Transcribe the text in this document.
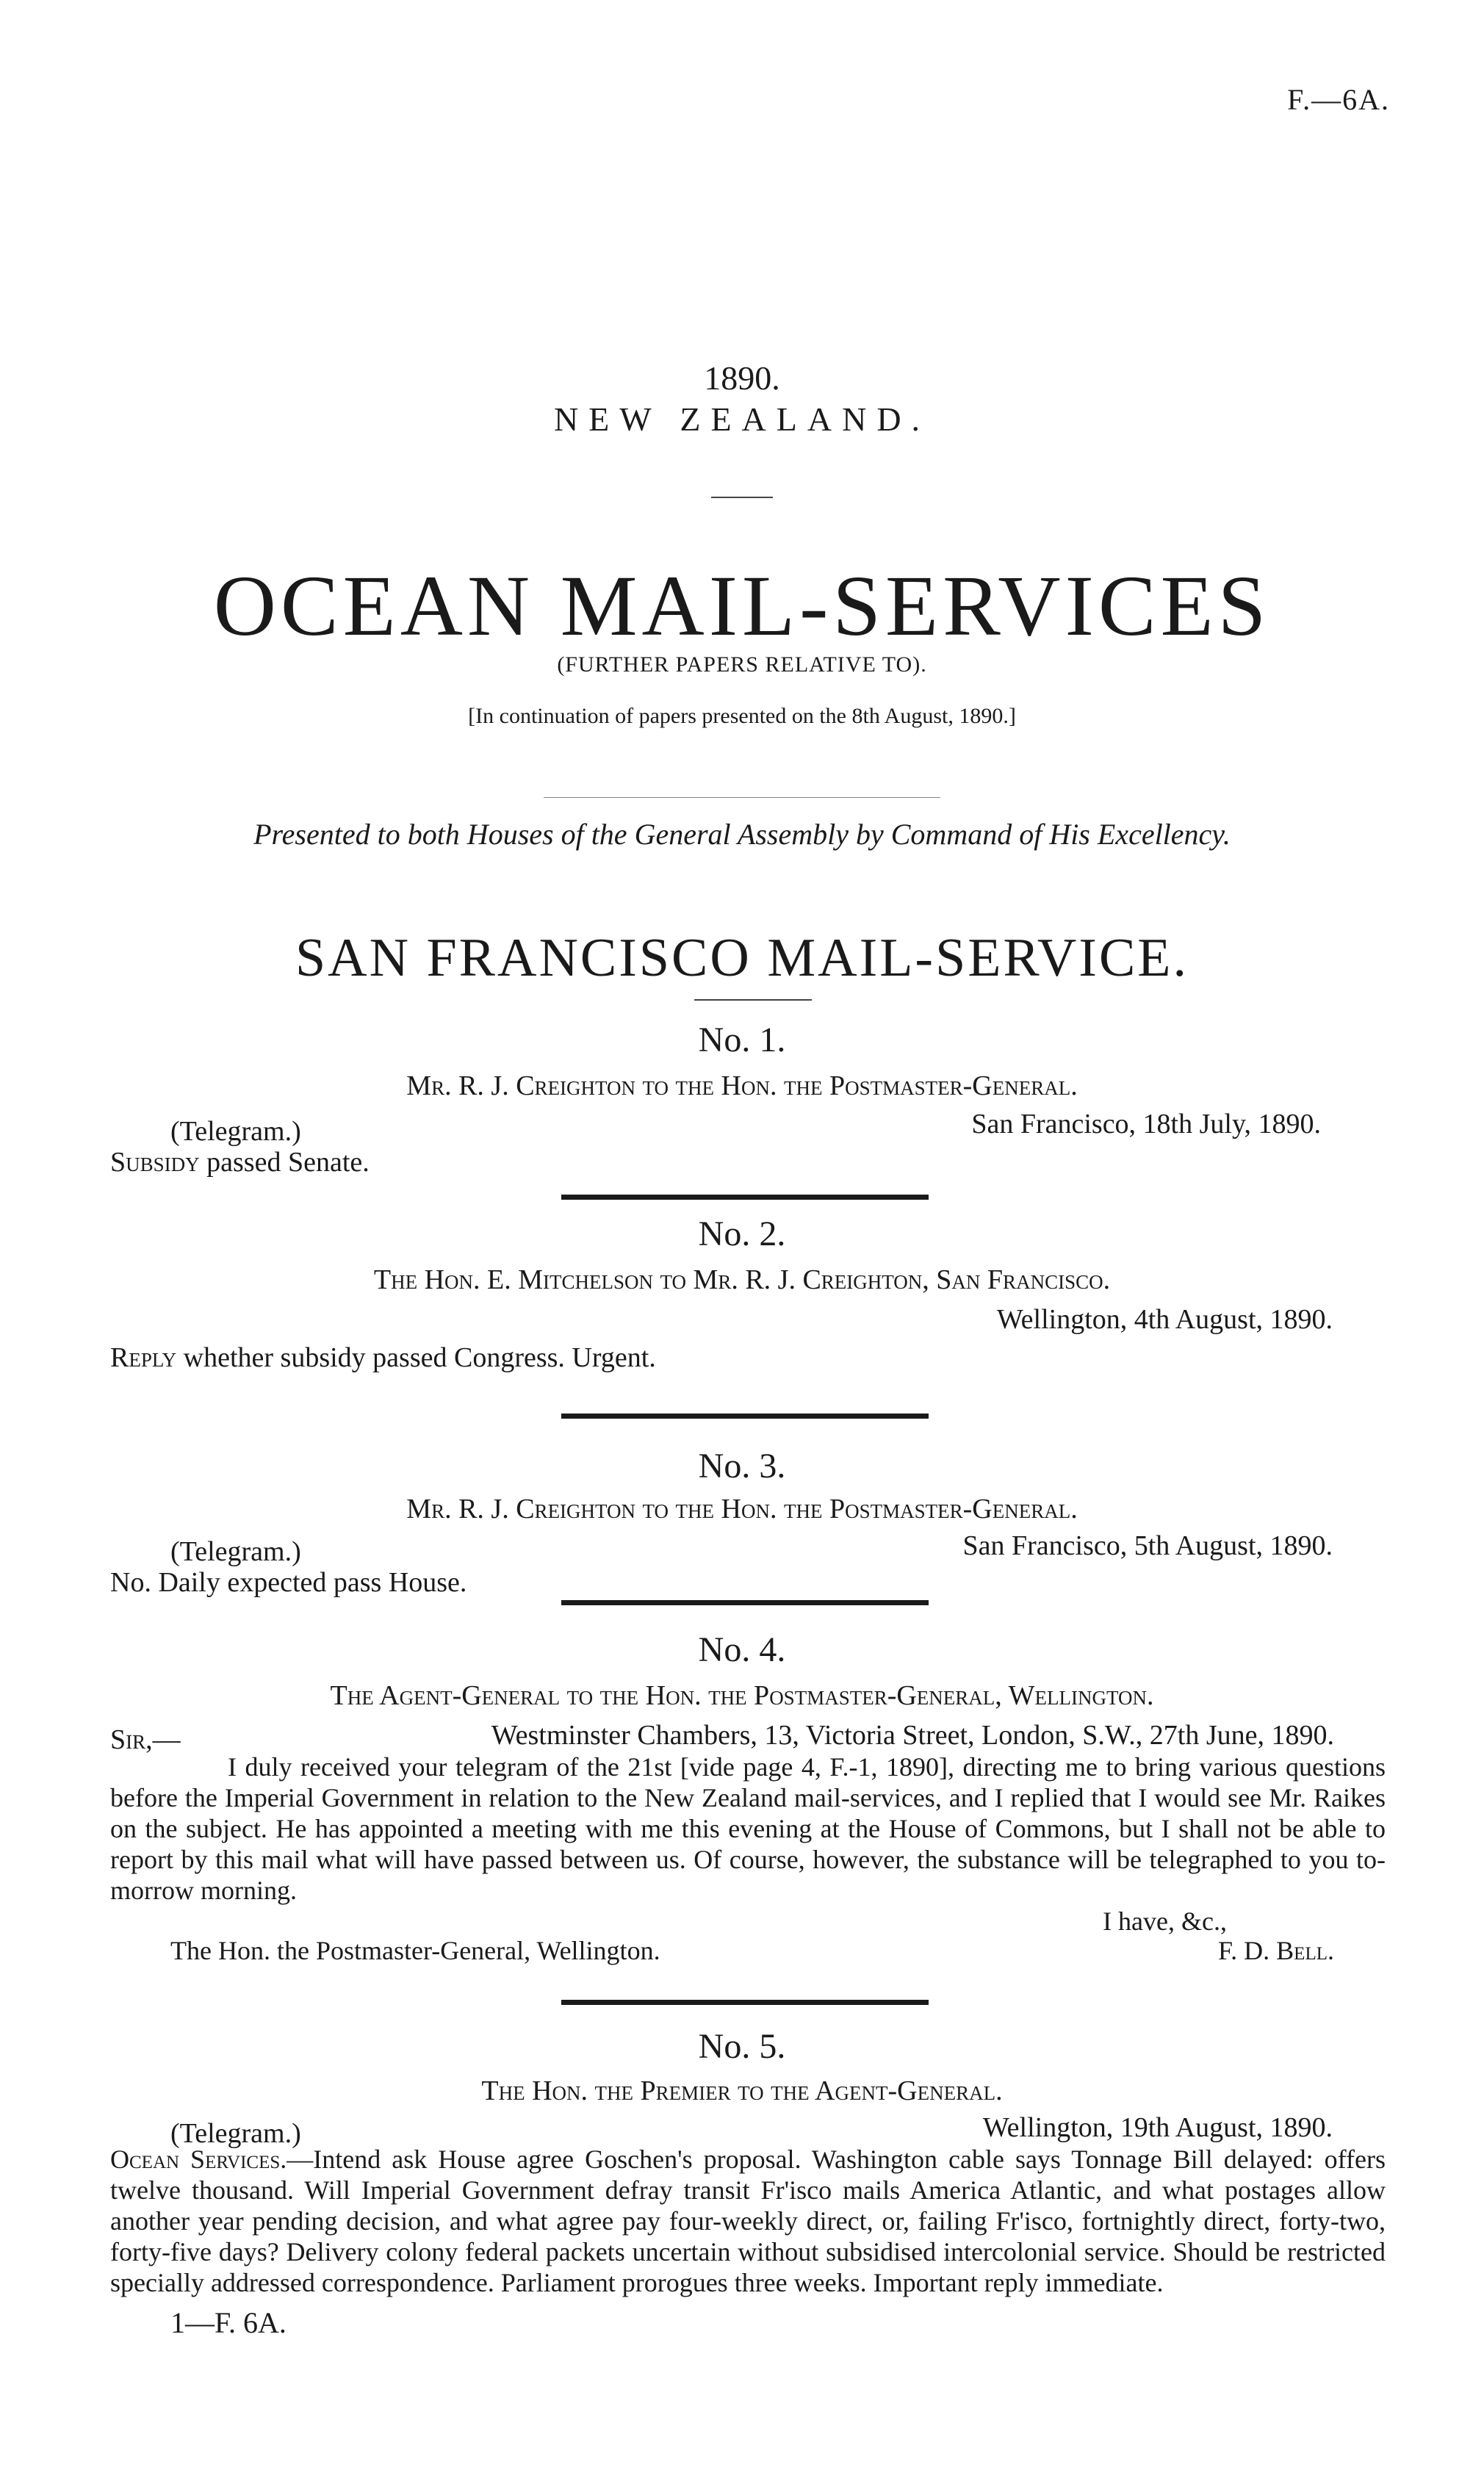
F.—6A.
1890.
NEW ZEALAND.
OCEAN MAIL-SERVICES
(FURTHER PAPERS RELATIVE TO).
[In continuation of papers presented on the 8th August, 1890.]
Presented to both Houses of the General Assembly by Command of His Excellency.
SAN FRANCISCO MAIL-SERVICE.
No. 1.
Mr. R. J. Creighton to the Hon. the Postmaster-General.
(Telegram.)	San Francisco, 18th July, 1890.
Subsidy passed Senate.
No. 2.
The Hon. E. Mitchelson to Mr. R. J. Creighton, San Francisco.
Wellington, 4th August, 1890.
Reply whether subsidy passed Congress. Urgent.
No. 3.
Mr. R. J. Creighton to the Hon. the Postmaster-General.
(Telegram.)	San Francisco, 5th August, 1890.
No. Daily expected pass House.
No. 4.
The Agent-General to the Hon. the Postmaster-General, Wellington.
Sir,—	Westminster Chambers, 13, Victoria Street, London, S.W., 27th June, 1890.
I duly received your telegram of the 21st [vide page 4, F.-1, 1890], directing me to bring various questions before the Imperial Government in relation to the New Zealand mail-services, and I replied that I would see Mr. Raikes on the subject. He has appointed a meeting with me this evening at the House of Commons, but I shall not be able to report by this mail what will have passed between us. Of course, however, the substance will be telegraphed to you to-morrow morning.
I have, &c.,
The Hon. the Postmaster-General, Wellington.	F. D. Bell.
No. 5.
The Hon. the Premier to the Agent-General.
(Telegram.)	Wellington, 19th August, 1890.
Ocean Services.—Intend ask House agree Goschen's proposal. Washington cable says Tonnage Bill delayed: offers twelve thousand. Will Imperial Government defray transit Fr'isco mails America Atlantic, and what postages allow another year pending decision, and what agree pay four-weekly direct, or, failing Fr'isco, fortnightly direct, forty-two, forty-five days? Delivery colony federal packets uncertain without subsidised intercolonial service. Should be restricted specially addressed correspondence. Parliament prorogues three weeks. Important reply immediate.
1—F. 6A.
